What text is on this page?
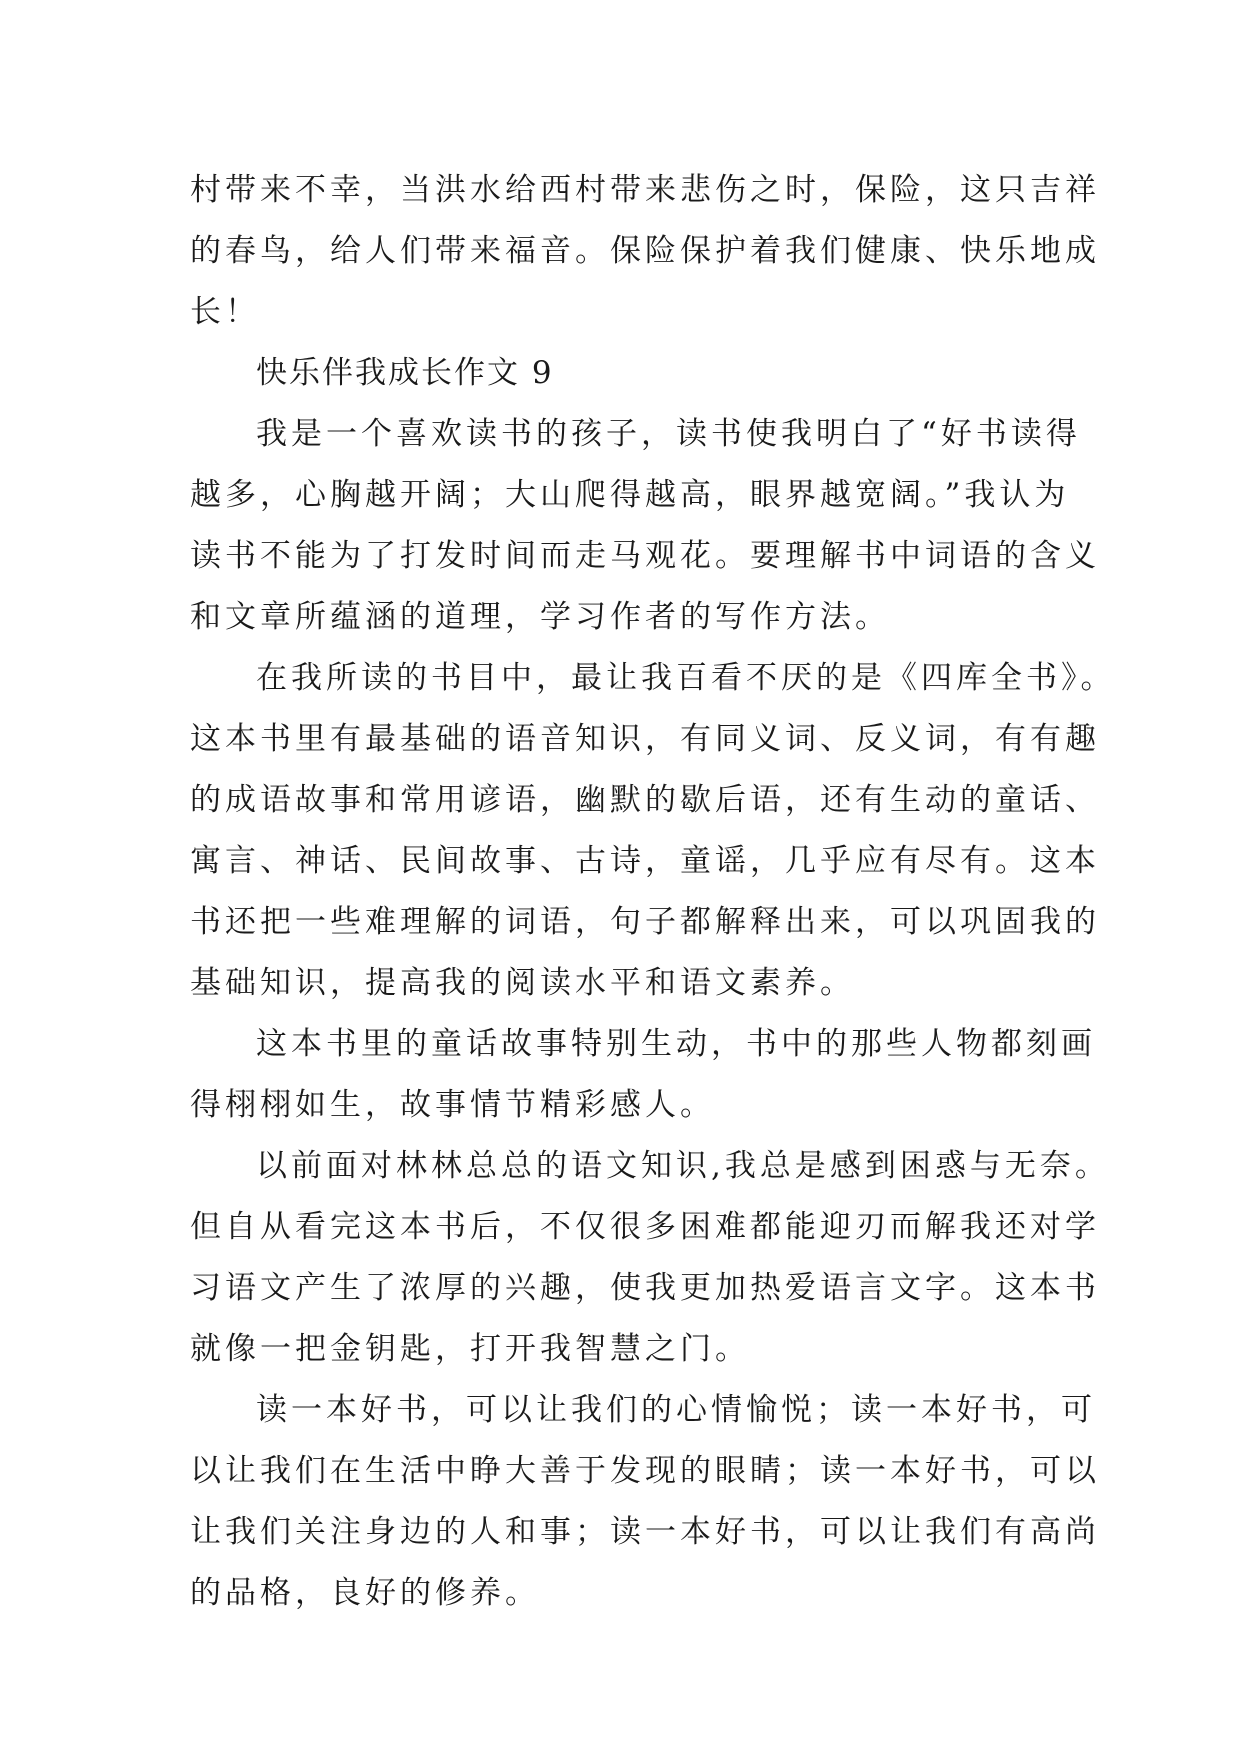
村带来不幸，当洪水给西村带来悲伤之时，保险，这只吉祥
的春鸟，给人们带来福音。保险保护着我们健康、快乐地成
长！
快乐伴我成长作文 9
我是一个喜欢读书的孩子，读书使我明白了“好书读得
越多，心胸越开阔；大山爬得越高，眼界越宽阔。”我认为
读书不能为了打发时间而走马观花。要理解书中词语的含义
和文章所蕴涵的道理，学习作者的写作方法。
在我所读的书目中，最让我百看不厌的是《四库全书》。
这本书里有最基础的语音知识，有同义词、反义词，有有趣
的成语故事和常用谚语，幽默的歇后语，还有生动的童话、
寓言、神话、民间故事、古诗，童谣，几乎应有尽有。这本
书还把一些难理解的词语，句子都解释出来，可以巩固我的
基础知识，提高我的阅读水平和语文素养。
这本书里的童话故事特别生动，书中的那些人物都刻画
得栩栩如生，故事情节精彩感人。
以前面对林林总总的语文知识,我总是感到困惑与无奈。
但自从看完这本书后，不仅很多困难都能迎刃而解我还对学
习语文产生了浓厚的兴趣，使我更加热爱语言文字。这本书
就像一把金钥匙，打开我智慧之门。
读一本好书，可以让我们的心情愉悦；读一本好书，可
以让我们在生活中睁大善于发现的眼睛；读一本好书，可以
让我们关注身边的人和事；读一本好书，可以让我们有高尚
的品格，良好的修养。
